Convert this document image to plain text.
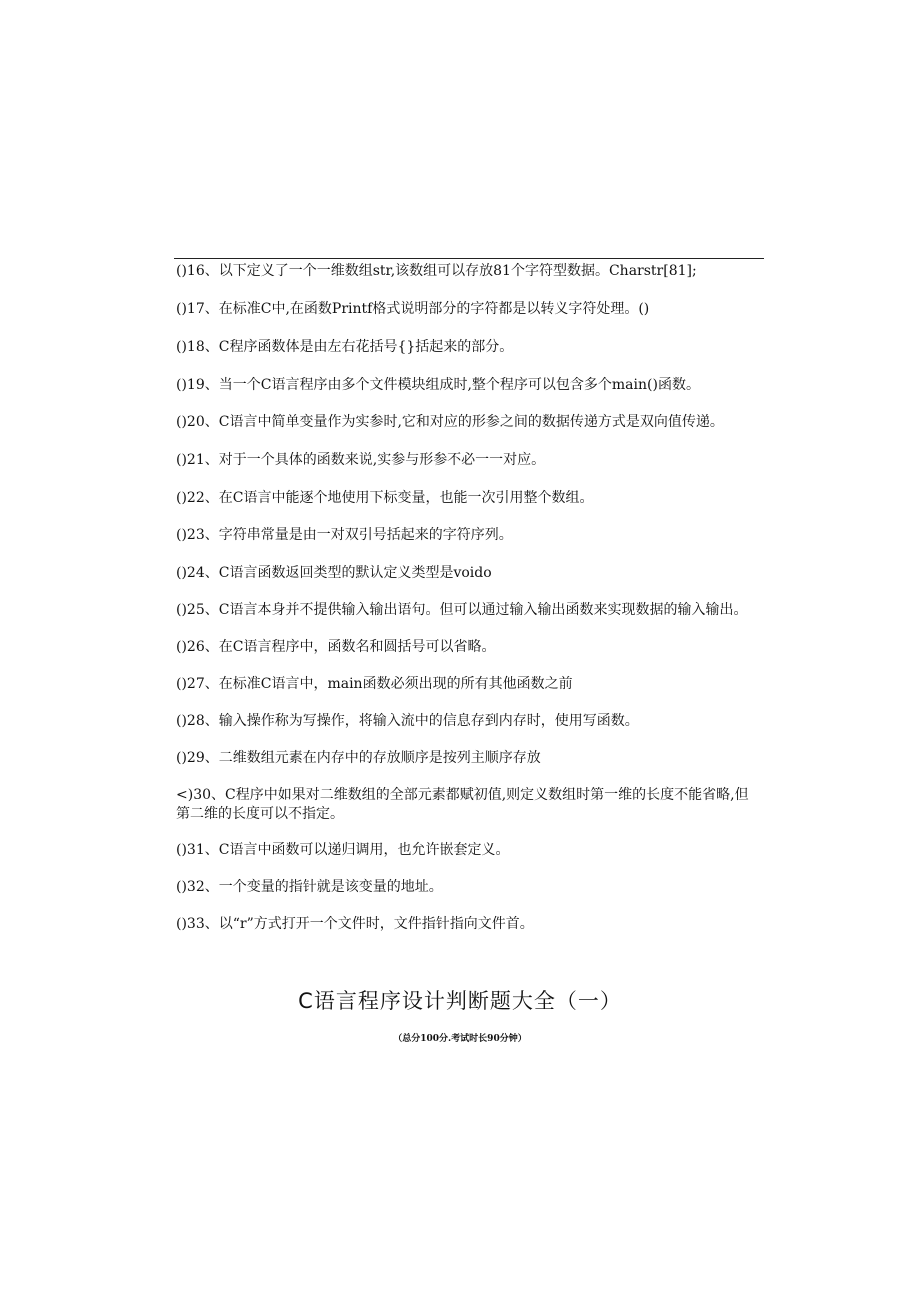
()16、以下定义了一个一维数组str,该数组可以存放81个字符型数据。Charstr[81];

()17、在标准C中,在函数Printf格式说明部分的字符都是以转义字符处理。()

()18、C程序函数体是由左右花括号{}括起来的部分。

()19、当一个C语言程序由多个文件模块组成时,整个程序可以包含多个main()函数。

()20、C语言中简单变量作为实参时,它和对应的形参之间的数据传递方式是双向值传递。

()21、对于一个具体的函数来说,实参与形参不必一一对应。

()22、在C语言中能逐个地使用下标变量，也能一次引用整个数组。

()23、字符串常量是由一对双引号括起来的字符序列。

()24、C语言函数返回类型的默认定义类型是voido

()25、C语言本身并不提供输入输出语句。但可以通过输入输出函数来实现数据的输入输出。

()26、在C语言程序中，函数名和圆括号可以省略。

()27、在标准C语言中，main函数必须出现的所有其他函数之前

()28、输入操作称为写操作，将输入流中的信息存到内存时，使用写函数。

()29、二维数组元素在内存中的存放顺序是按列主顺序存放

<)30、C程序中如果对二维数组的全部元素都赋初值,则定义数组时第一维的长度不能省略,但第二维的长度可以不指定。

()31、C语言中函数可以递归调用，也允许嵌套定义。

()32、一个变量的指针就是该变量的地址。

()33、以“r”方式打开一个文件时，文件指针指向文件首。

C语言程序设计判断题大全（一）
（总分100分.考试时长90分钟）
